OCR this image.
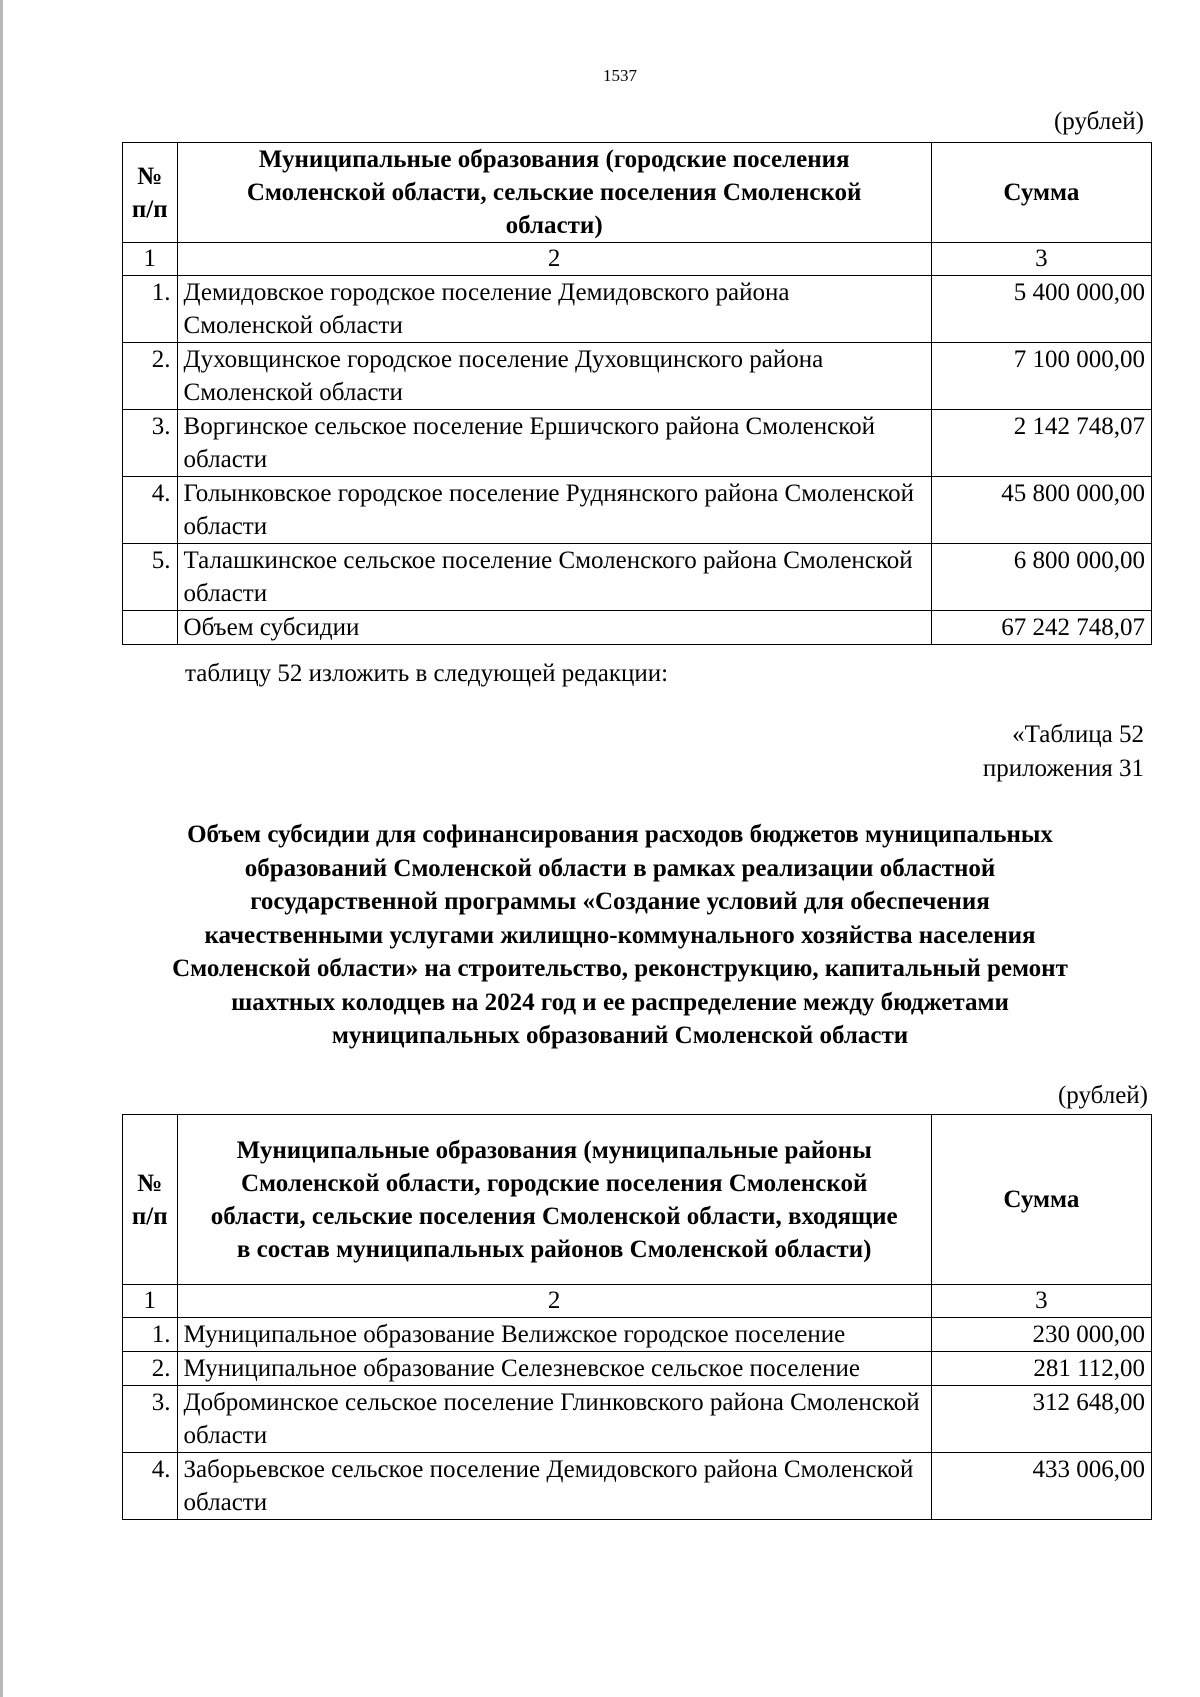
1537
(рублей)
№
п/п	Муниципальные образования (городские поселения Смоленской области, сельские поселения Смоленской области)	Сумма
1	2	3
1.	Демидовское городское поселение Демидовского района Смоленской области	5 400 000,00
2.	Духовщинское городское поселение Духовщинского района Смоленской области	7 100 000,00
3.	Воргинское сельское поселение Ершичского района Смоленской области	2 142 748,07
4.	Голынковское городское поселение Руднянского района Смоленской области	45 800 000,00
5.	Талашкинское сельское поселение Смоленского района Смоленской области	6 800 000,00
	Объем субсидии	67 242 748,07
таблицу 52 изложить в следующей редакции:
«Таблица 52
приложения 31
Объем субсидии для софинансирования расходов бюджетов муниципальных
образований Смоленской области в рамках реализации областной
государственной программы «Создание условий для обеспечения
качественными услугами жилищно-коммунального хозяйства населения
Смоленской области» на строительство, реконструкцию, капитальный ремонт
шахтных колодцев на 2024 год и ее распределение между бюджетами
муниципальных образований Смоленской области
(рублей)
№
п/п	Муниципальные образования (муниципальные районы Смоленской области, городские поселения Смоленской области, сельские поселения Смоленской области, входящие в состав муниципальных районов Смоленской области)	Сумма
1	2	3
1.	Муниципальное образование Велижское городское поселение	230 000,00
2.	Муниципальное образование Селезневское сельское поселение	281 112,00
3.	Доброминское сельское поселение Глинковского района Смоленской области	312 648,00
4.	Заборьевское сельское поселение Демидовского района Смоленской области	433 006,00
